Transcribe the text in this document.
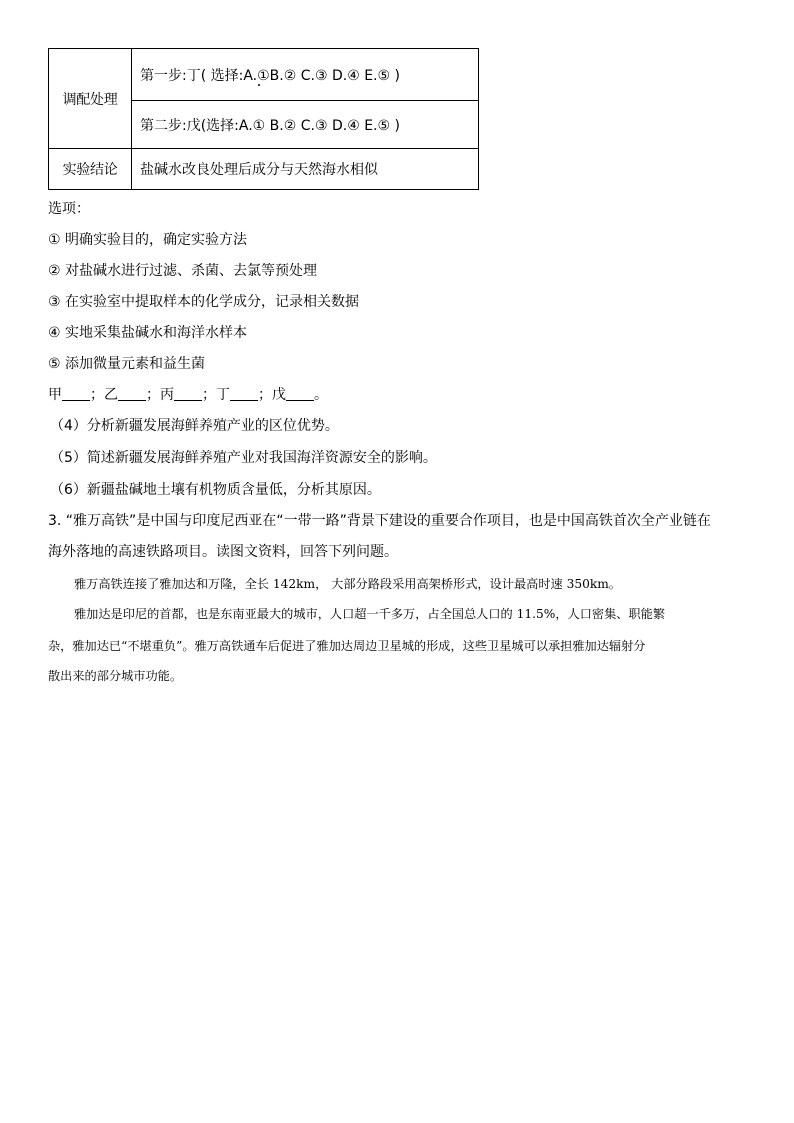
调配处理	第一步:丁( 选择:A.①B.② C.③ D.④ E.⑤ )
	第二步:戊(选择:A.① B.② C.③ D.④ E.⑤ )
实验结论	盐碱水改良处理后成分与天然海水相似
选项：
① 明确实验目的，确定实验方法
② 对盐碱水进行过滤、杀菌、去氯等预处理
③ 在实验室中提取样本的化学成分，记录相关数据
④ 实地采集盐碱水和海洋水样本
⑤ 添加微量元素和益生菌
甲 ；乙 ；丙 ；丁 ；戊 。
（4）分析新疆发展海鲜养殖产业的区位优势。
（5）简述新疆发展海鲜养殖产业对我国海洋资源安全的影响。
（6）新疆盐碱地土壤有机物质含量低，分析其原因。
3. “雅万高铁”是中国与印度尼西亚在“一带一路”背景下建设的重要合作项目，也是中国高铁首次全产业链在
海外落地的高速铁路项目。读图文资料，回答下列问题。
雅万高铁连接了雅加达和万隆，全长 142km， 大部分路段采用高架桥形式，设计最高时速 350km。
雅加达是印尼的首都，也是东南亚最大的城市，人口超一千多万，占全国总人口的 11.5%，人口密集、职能繁
杂，雅加达已“不堪重负”。雅万高铁通车后促进了雅加达周边卫星城的形成，这些卫星城可以承担雅加达辐射分
散出来的部分城市功能。
